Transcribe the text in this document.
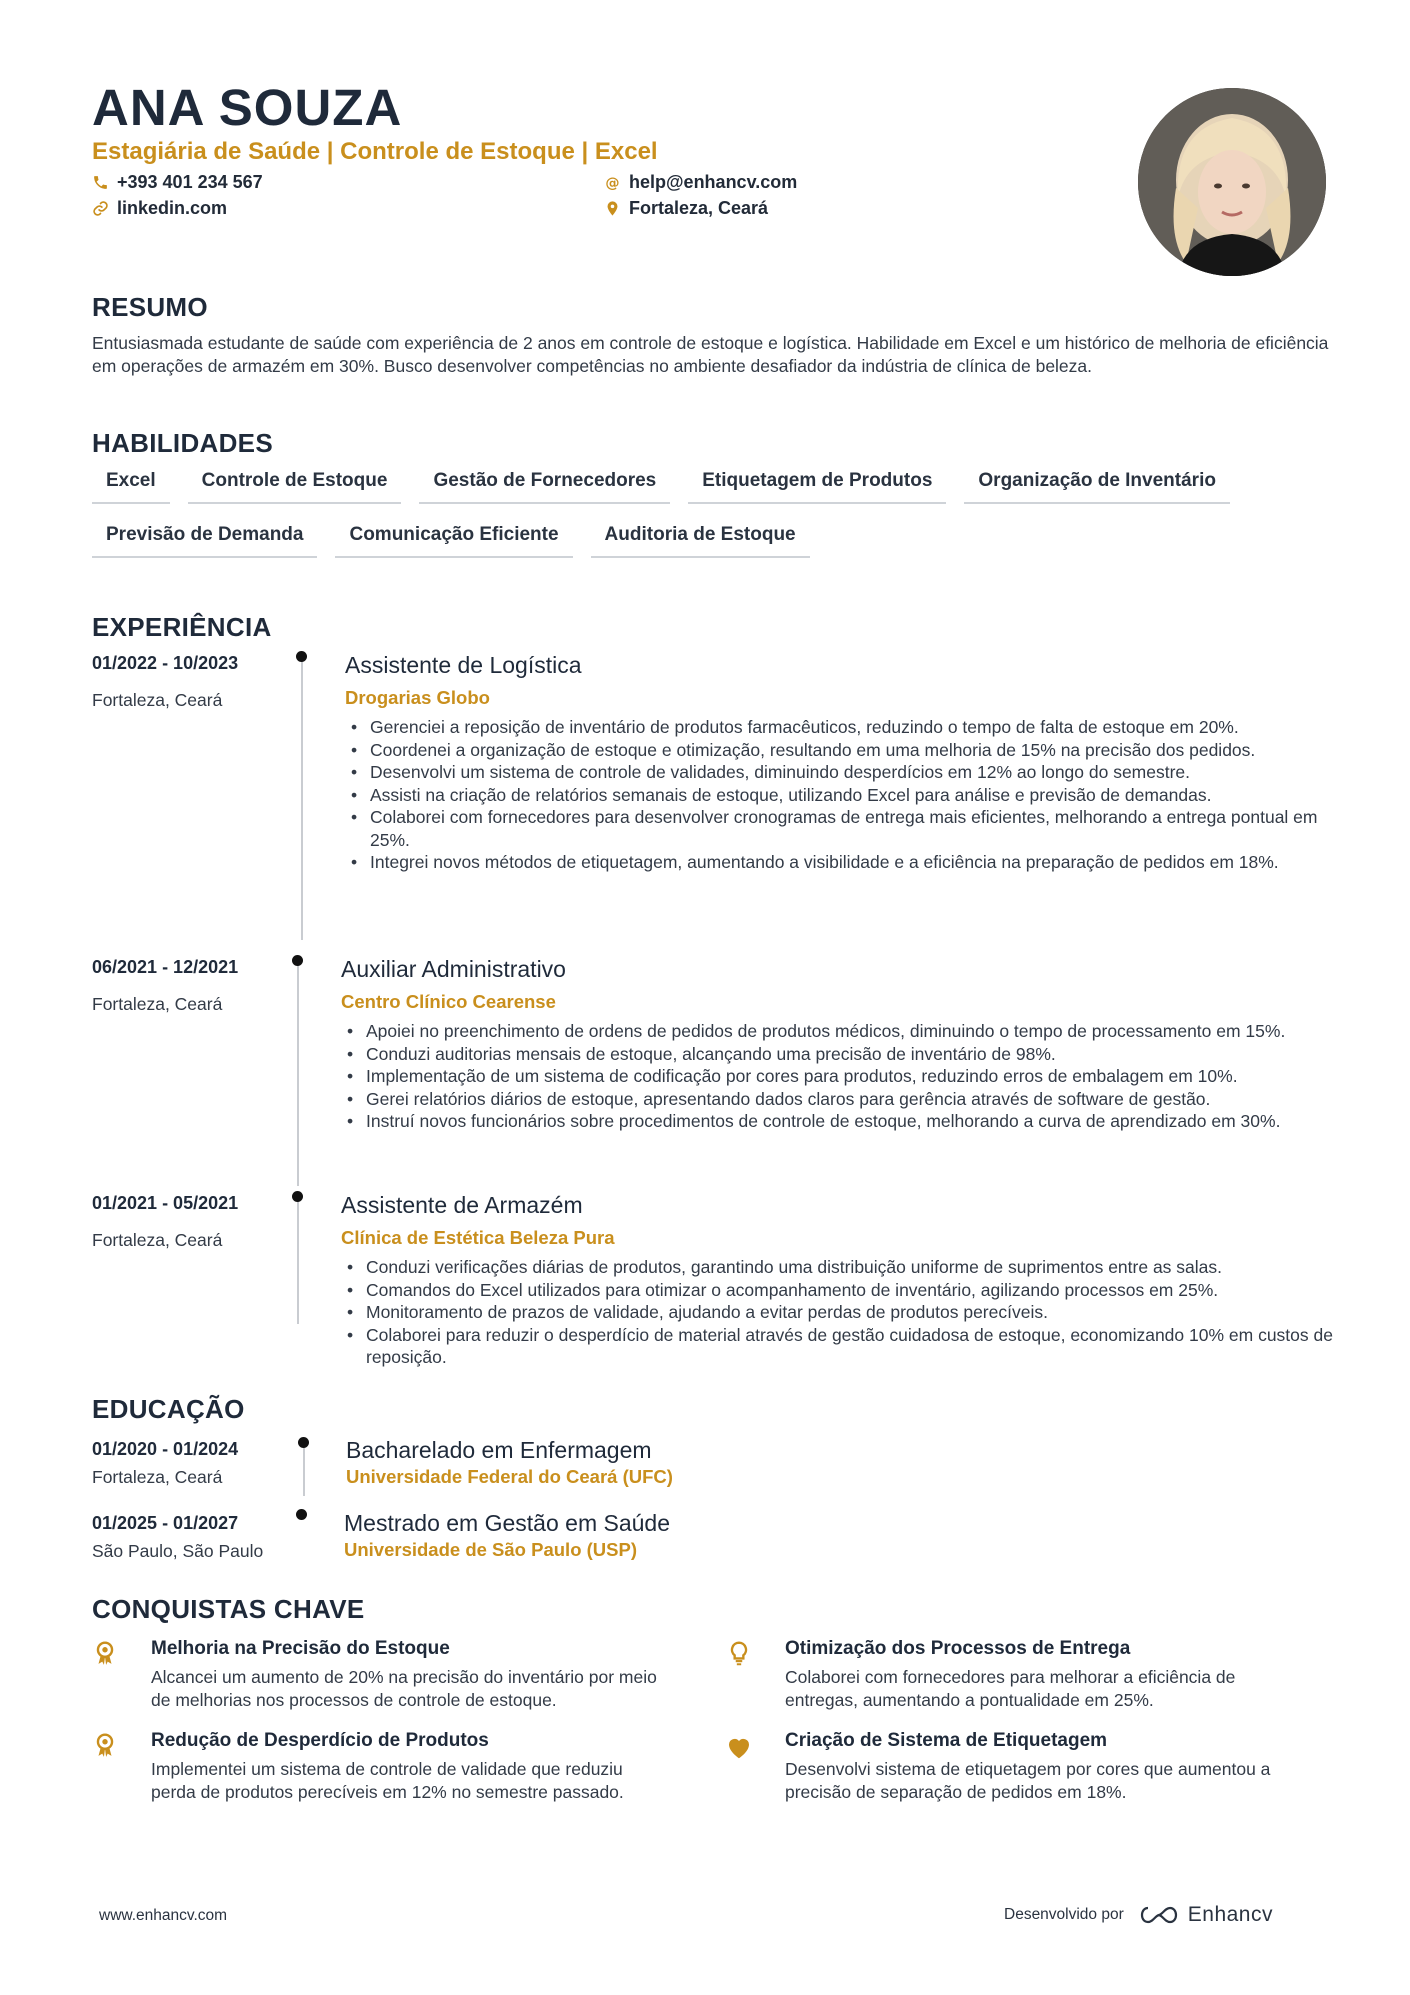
ANA SOUZA
Estagiária de Saúde | Controle de Estoque | Excel
+393 401 234 567	@ help@enhancv.com
linkedin.com	Fortaleza, Ceará
RESUMO
Entusiasmada estudante de saúde com experiência de 2 anos em controle de estoque e logística. Habilidade em Excel e um histórico de melhoria de eficiência em operações de armazém em 30%. Busco desenvolver competências no ambiente desafiador da indústria de clínica de beleza.
HABILIDADES
Excel	Controle de Estoque	Gestão de Fornecedores	Etiquetagem de Produtos	Organização de Inventário
Previsão de Demanda	Comunicação Eficiente	Auditoria de Estoque
EXPERIÊNCIA
01/2022 - 10/2023
Fortaleza, Ceará
Assistente de Logística
Drogarias Globo
• Gerenciei a reposição de inventário de produtos farmacêuticos, reduzindo o tempo de falta de estoque em 20%.
• Coordenei a organização de estoque e otimização, resultando em uma melhoria de 15% na precisão dos pedidos.
• Desenvolvi um sistema de controle de validades, diminuindo desperdícios em 12% ao longo do semestre.
• Assisti na criação de relatórios semanais de estoque, utilizando Excel para análise e previsão de demandas.
• Colaborei com fornecedores para desenvolver cronogramas de entrega mais eficientes, melhorando a entrega pontual em 25%.
• Integrei novos métodos de etiquetagem, aumentando a visibilidade e a eficiência na preparação de pedidos em 18%.
06/2021 - 12/2021
Fortaleza, Ceará
Auxiliar Administrativo
Centro Clínico Cearense
• Apoiei no preenchimento de ordens de pedidos de produtos médicos, diminuindo o tempo de processamento em 15%.
• Conduzi auditorias mensais de estoque, alcançando uma precisão de inventário de 98%.
• Implementação de um sistema de codificação por cores para produtos, reduzindo erros de embalagem em 10%.
• Gerei relatórios diários de estoque, apresentando dados claros para gerência através de software de gestão.
• Instruí novos funcionários sobre procedimentos de controle de estoque, melhorando a curva de aprendizado em 30%.
01/2021 - 05/2021
Fortaleza, Ceará
Assistente de Armazém
Clínica de Estética Beleza Pura
• Conduzi verificações diárias de produtos, garantindo uma distribuição uniforme de suprimentos entre as salas.
• Comandos do Excel utilizados para otimizar o acompanhamento de inventário, agilizando processos em 25%.
• Monitoramento de prazos de validade, ajudando a evitar perdas de produtos perecíveis.
• Colaborei para reduzir o desperdício de material através de gestão cuidadosa de estoque, economizando 10% em custos de reposição.
EDUCAÇÃO
01/2020 - 01/2024
Fortaleza, Ceará
Bacharelado em Enfermagem
Universidade Federal do Ceará (UFC)
01/2025 - 01/2027
São Paulo, São Paulo
Mestrado em Gestão em Saúde
Universidade de São Paulo (USP)
CONQUISTAS CHAVE
Melhoria na Precisão do Estoque
Alcancei um aumento de 20% na precisão do inventário por meio de melhorias nos processos de controle de estoque.
Otimização dos Processos de Entrega
Colaborei com fornecedores para melhorar a eficiência de entregas, aumentando a pontualidade em 25%.
Redução de Desperdício de Produtos
Implementei um sistema de controle de validade que reduziu perda de produtos perecíveis em 12% no semestre passado.
Criação de Sistema de Etiquetagem
Desenvolvi sistema de etiquetagem por cores que aumentou a precisão de separação de pedidos em 18%.
www.enhancv.com	Desenvolvido por	Enhancv
